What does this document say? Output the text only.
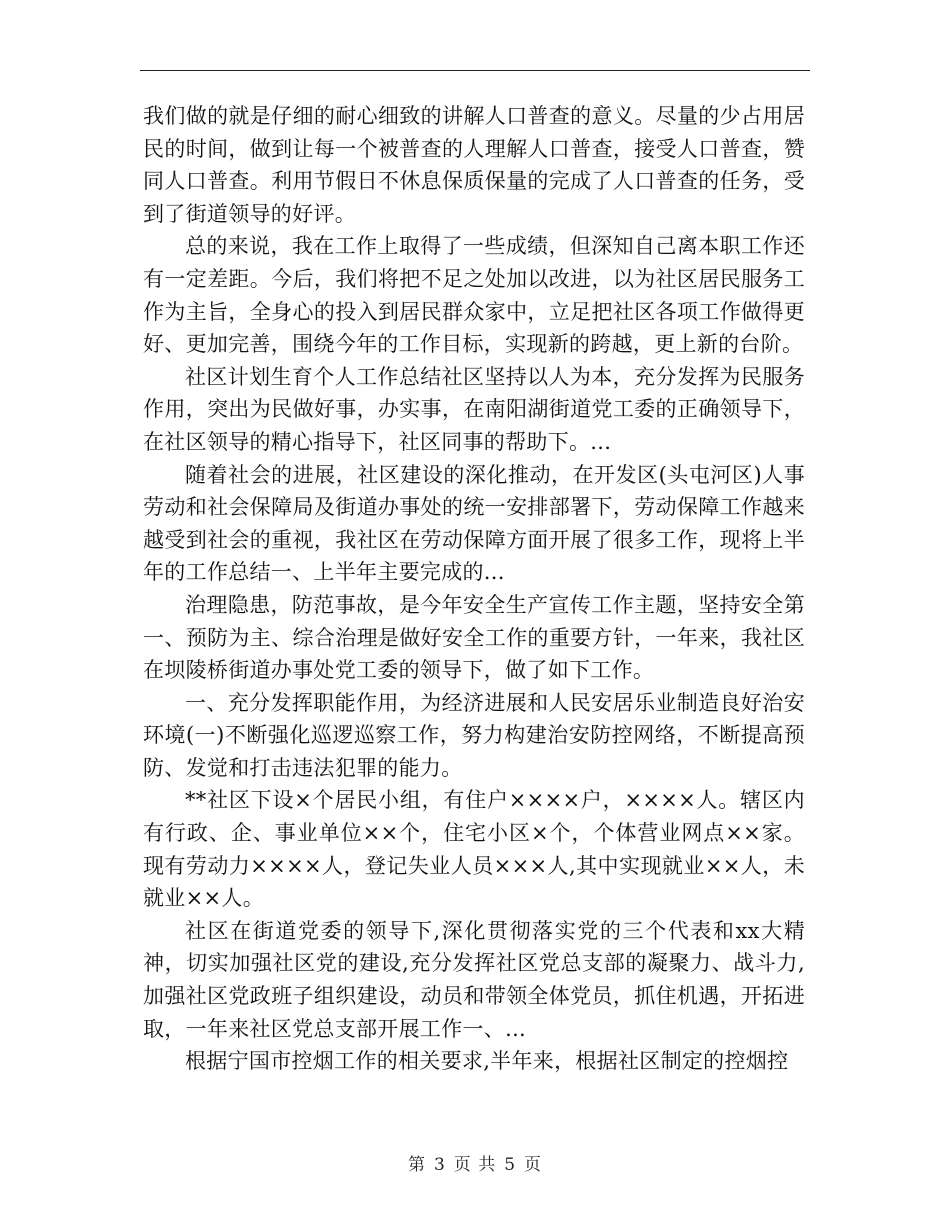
我们做的就是仔细的耐心细致的讲解人口普查的意义。尽量的少占用居民的时间，做到让每一个被普查的人理解人口普查，接受人口普查，赞同人口普查。利用节假日不休息保质保量的完成了人口普查的任务，受到了街道领导的好评。

总的来说，我在工作上取得了一些成绩，但深知自己离本职工作还有一定差距。今后，我们将把不足之处加以改进，以为社区居民服务工作为主旨，全身心的投入到居民群众家中，立足把社区各项工作做得更好、更加完善，围绕今年的工作目标，实现新的跨越，更上新的台阶。

社区计划生育个人工作总结社区坚持以人为本，充分发挥为民服务作用，突出为民做好事，办实事，在南阳湖街道党工委的正确领导下，在社区领导的精心指导下，社区同事的帮助下。...

随着社会的进展，社区建设的深化推动，在开发区(头屯河区)人事劳动和社会保障局及街道办事处的统一安排部署下，劳动保障工作越来越受到社会的重视，我社区在劳动保障方面开展了很多工作，现将上半年的工作总结一、上半年主要完成的...

治理隐患，防范事故，是今年安全生产宣传工作主题，坚持安全第一、预防为主、综合治理是做好安全工作的重要方针，一年来，我社区在坝陵桥街道办事处党工委的领导下，做了如下工作。

一、充分发挥职能作用，为经济进展和人民安居乐业制造良好治安环境(一)不断强化巡逻巡察工作，努力构建治安防控网络，不断提高预防、发觉和打击违法犯罪的能力。

**社区下设×个居民小组，有住户××××户，××××人。辖区内有行政、企、事业单位××个，住宅小区×个，个体营业网点××家。现有劳动力××××人，登记失业人员×××人,其中实现就业××人，未就业××人。

社区在街道党委的领导下,深化贯彻落实党的三个代表和xx大精神，切实加强社区党的建设,充分发挥社区党总支部的凝聚力、战斗力,加强社区党政班子组织建设，动员和带领全体党员，抓住机遇，开拓进取，一年来社区党总支部开展工作一、...

根据宁国市控烟工作的相关要求,半年来，根据社区制定的控烟控

第 3 页 共 5 页
